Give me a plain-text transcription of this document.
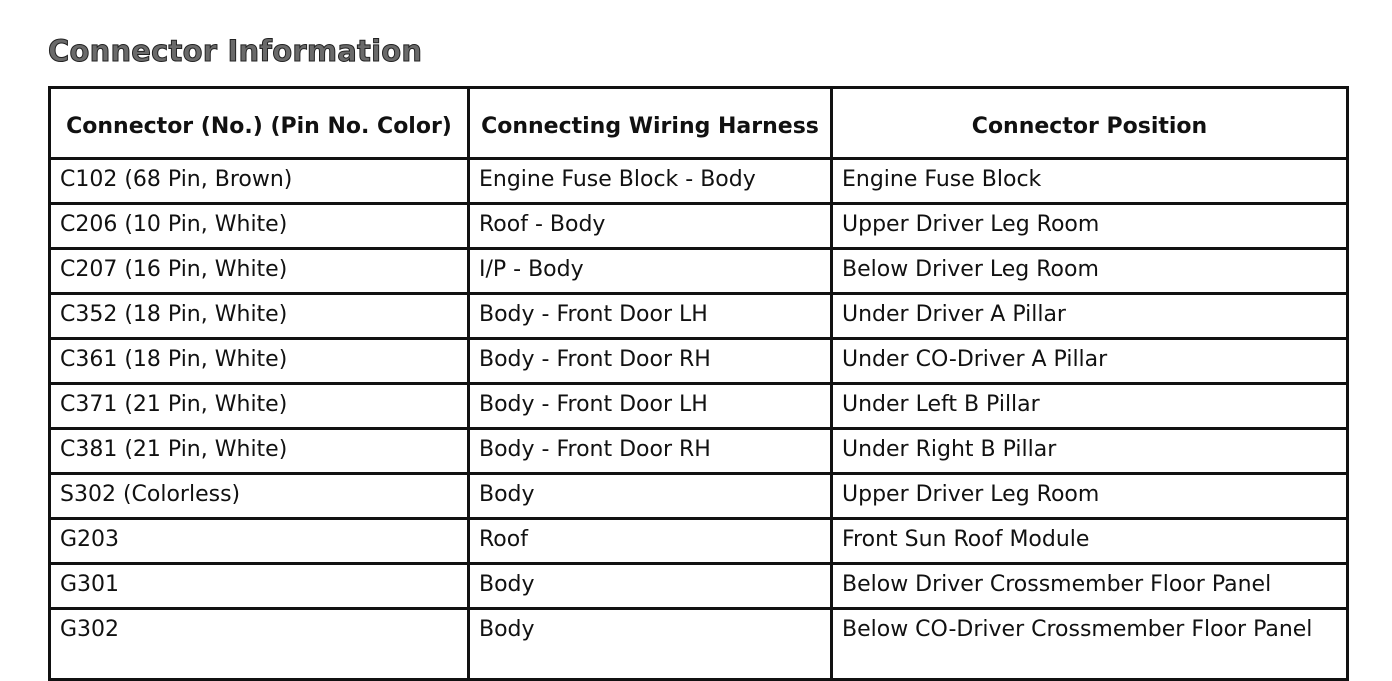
Connector Information
Connector (No.) (Pin No. Color)	Connecting Wiring Harness	Connector Position
C102 (68 Pin, Brown)	Engine Fuse Block - Body	Engine Fuse Block
C206 (10 Pin, White)	Roof - Body	Upper Driver Leg Room
C207 (16 Pin, White)	I/P - Body	Below Driver Leg Room
C352 (18 Pin, White)	Body - Front Door LH	Under Driver A Pillar
C361 (18 Pin, White)	Body - Front Door RH	Under CO-Driver A Pillar
C371 (21 Pin, White)	Body - Front Door LH	Under Left B Pillar
C381 (21 Pin, White)	Body - Front Door RH	Under Right B Pillar
S302 (Colorless)	Body	Upper Driver Leg Room
G203	Roof	Front Sun Roof Module
G301	Body	Below Driver Crossmember Floor Panel
G302	Body	Below CO-Driver Crossmember Floor Panel
